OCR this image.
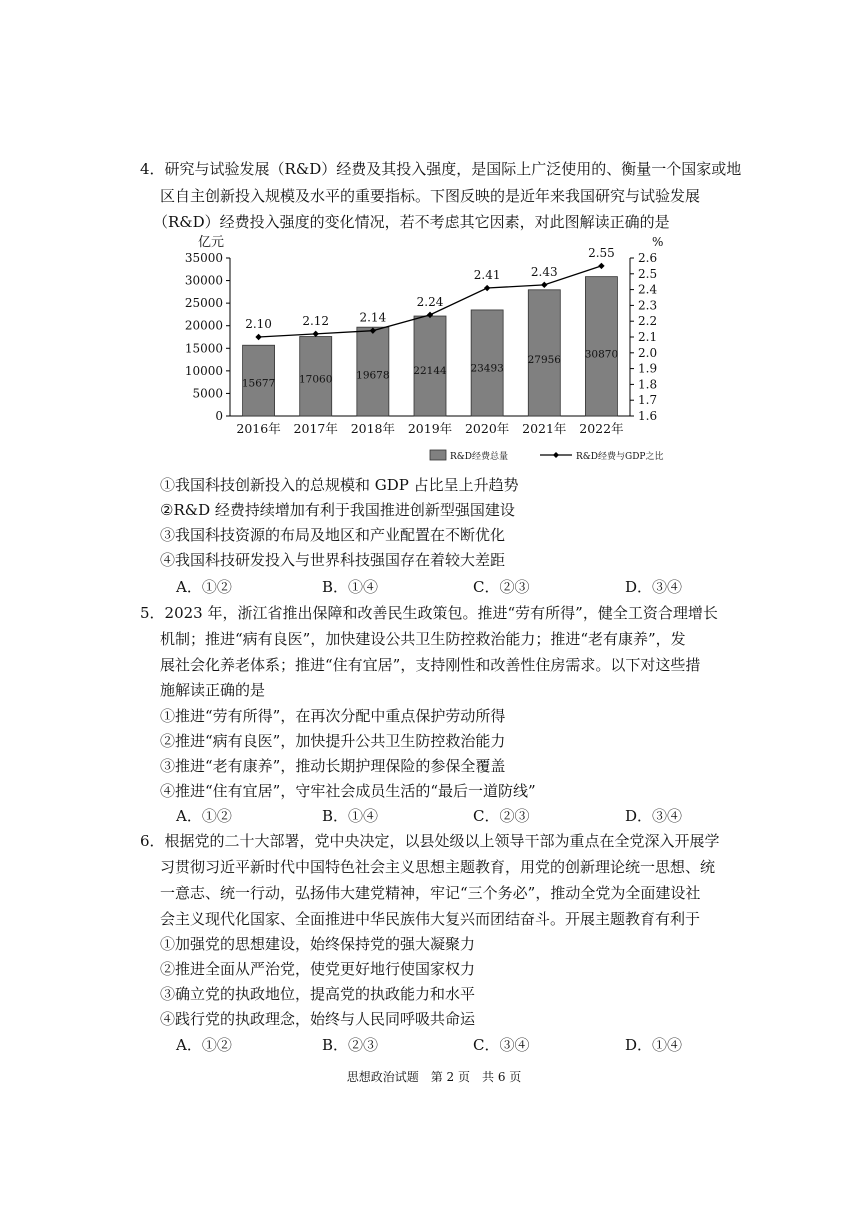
4．研究与试验发展（R&D）经费及其投入强度，是国际上广泛使用的、衡量一个国家或地
区自主创新投入规模及水平的重要指标。下图反映的是近年来我国研究与试验发展
（R&D）经费投入强度的变化情况，若不考虑其它因素，对此图解读正确的是
0
5000
10000
15000
20000
25000
30000
35000
1.6
1.7
1.8
1.9
2.0
2.1
2.2
2.3
2.4
2.5
2.6
亿元	%
15677 17060 19678 22144 23493
27956 30870
2.10	2.12	2.14
2.24
2.41	2.43
2.55
2016年 2017年 2018年 2019年 2020年 2021年 2022年
R&D经费总量	R&D经费与GDP之比
①我国科技创新投入的总规模和 GDP 占比呈上升趋势
②R&D 经费持续增加有利于我国推进创新型强国建设
③我国科技资源的布局及地区和产业配置在不断优化
④我国科技研发投入与世界科技强国存在着较大差距
A．①②	B．①④	C．②③	D．③④
5．2023 年，浙江省推出保障和改善民生政策包。推进“劳有所得”，健全工资合理增长
机制；推进“病有良医”，加快建设公共卫生防控救治能力；推进“老有康养”，发
展社会化养老体系；推进“住有宜居”，支持刚性和改善性住房需求。以下对这些措
施解读正确的是
①推进“劳有所得”，在再次分配中重点保护劳动所得
②推进“病有良医”，加快提升公共卫生防控救治能力
③推进“老有康养”，推动长期护理保险的参保全覆盖
④推进“住有宜居”，守牢社会成员生活的“最后一道防线”
A．①②	B．①④	C．②③	D．③④
6．根据党的二十大部署，党中央决定，以县处级以上领导干部为重点在全党深入开展学
习贯彻习近平新时代中国特色社会主义思想主题教育，用党的创新理论统一思想、统
一意志、统一行动，弘扬伟大建党精神，牢记“三个务必”，推动全党为全面建设社
会主义现代化国家、全面推进中华民族伟大复兴而团结奋斗。开展主题教育有利于
①加强党的思想建设，始终保持党的强大凝聚力
②推进全面从严治党，使党更好地行使国家权力
③确立党的执政地位，提高党的执政能力和水平
④践行党的执政理念，始终与人民同呼吸共命运
A．①②	B．②③	C．③④	D．①④
思想政治试题　第 2 页　共 6 页
